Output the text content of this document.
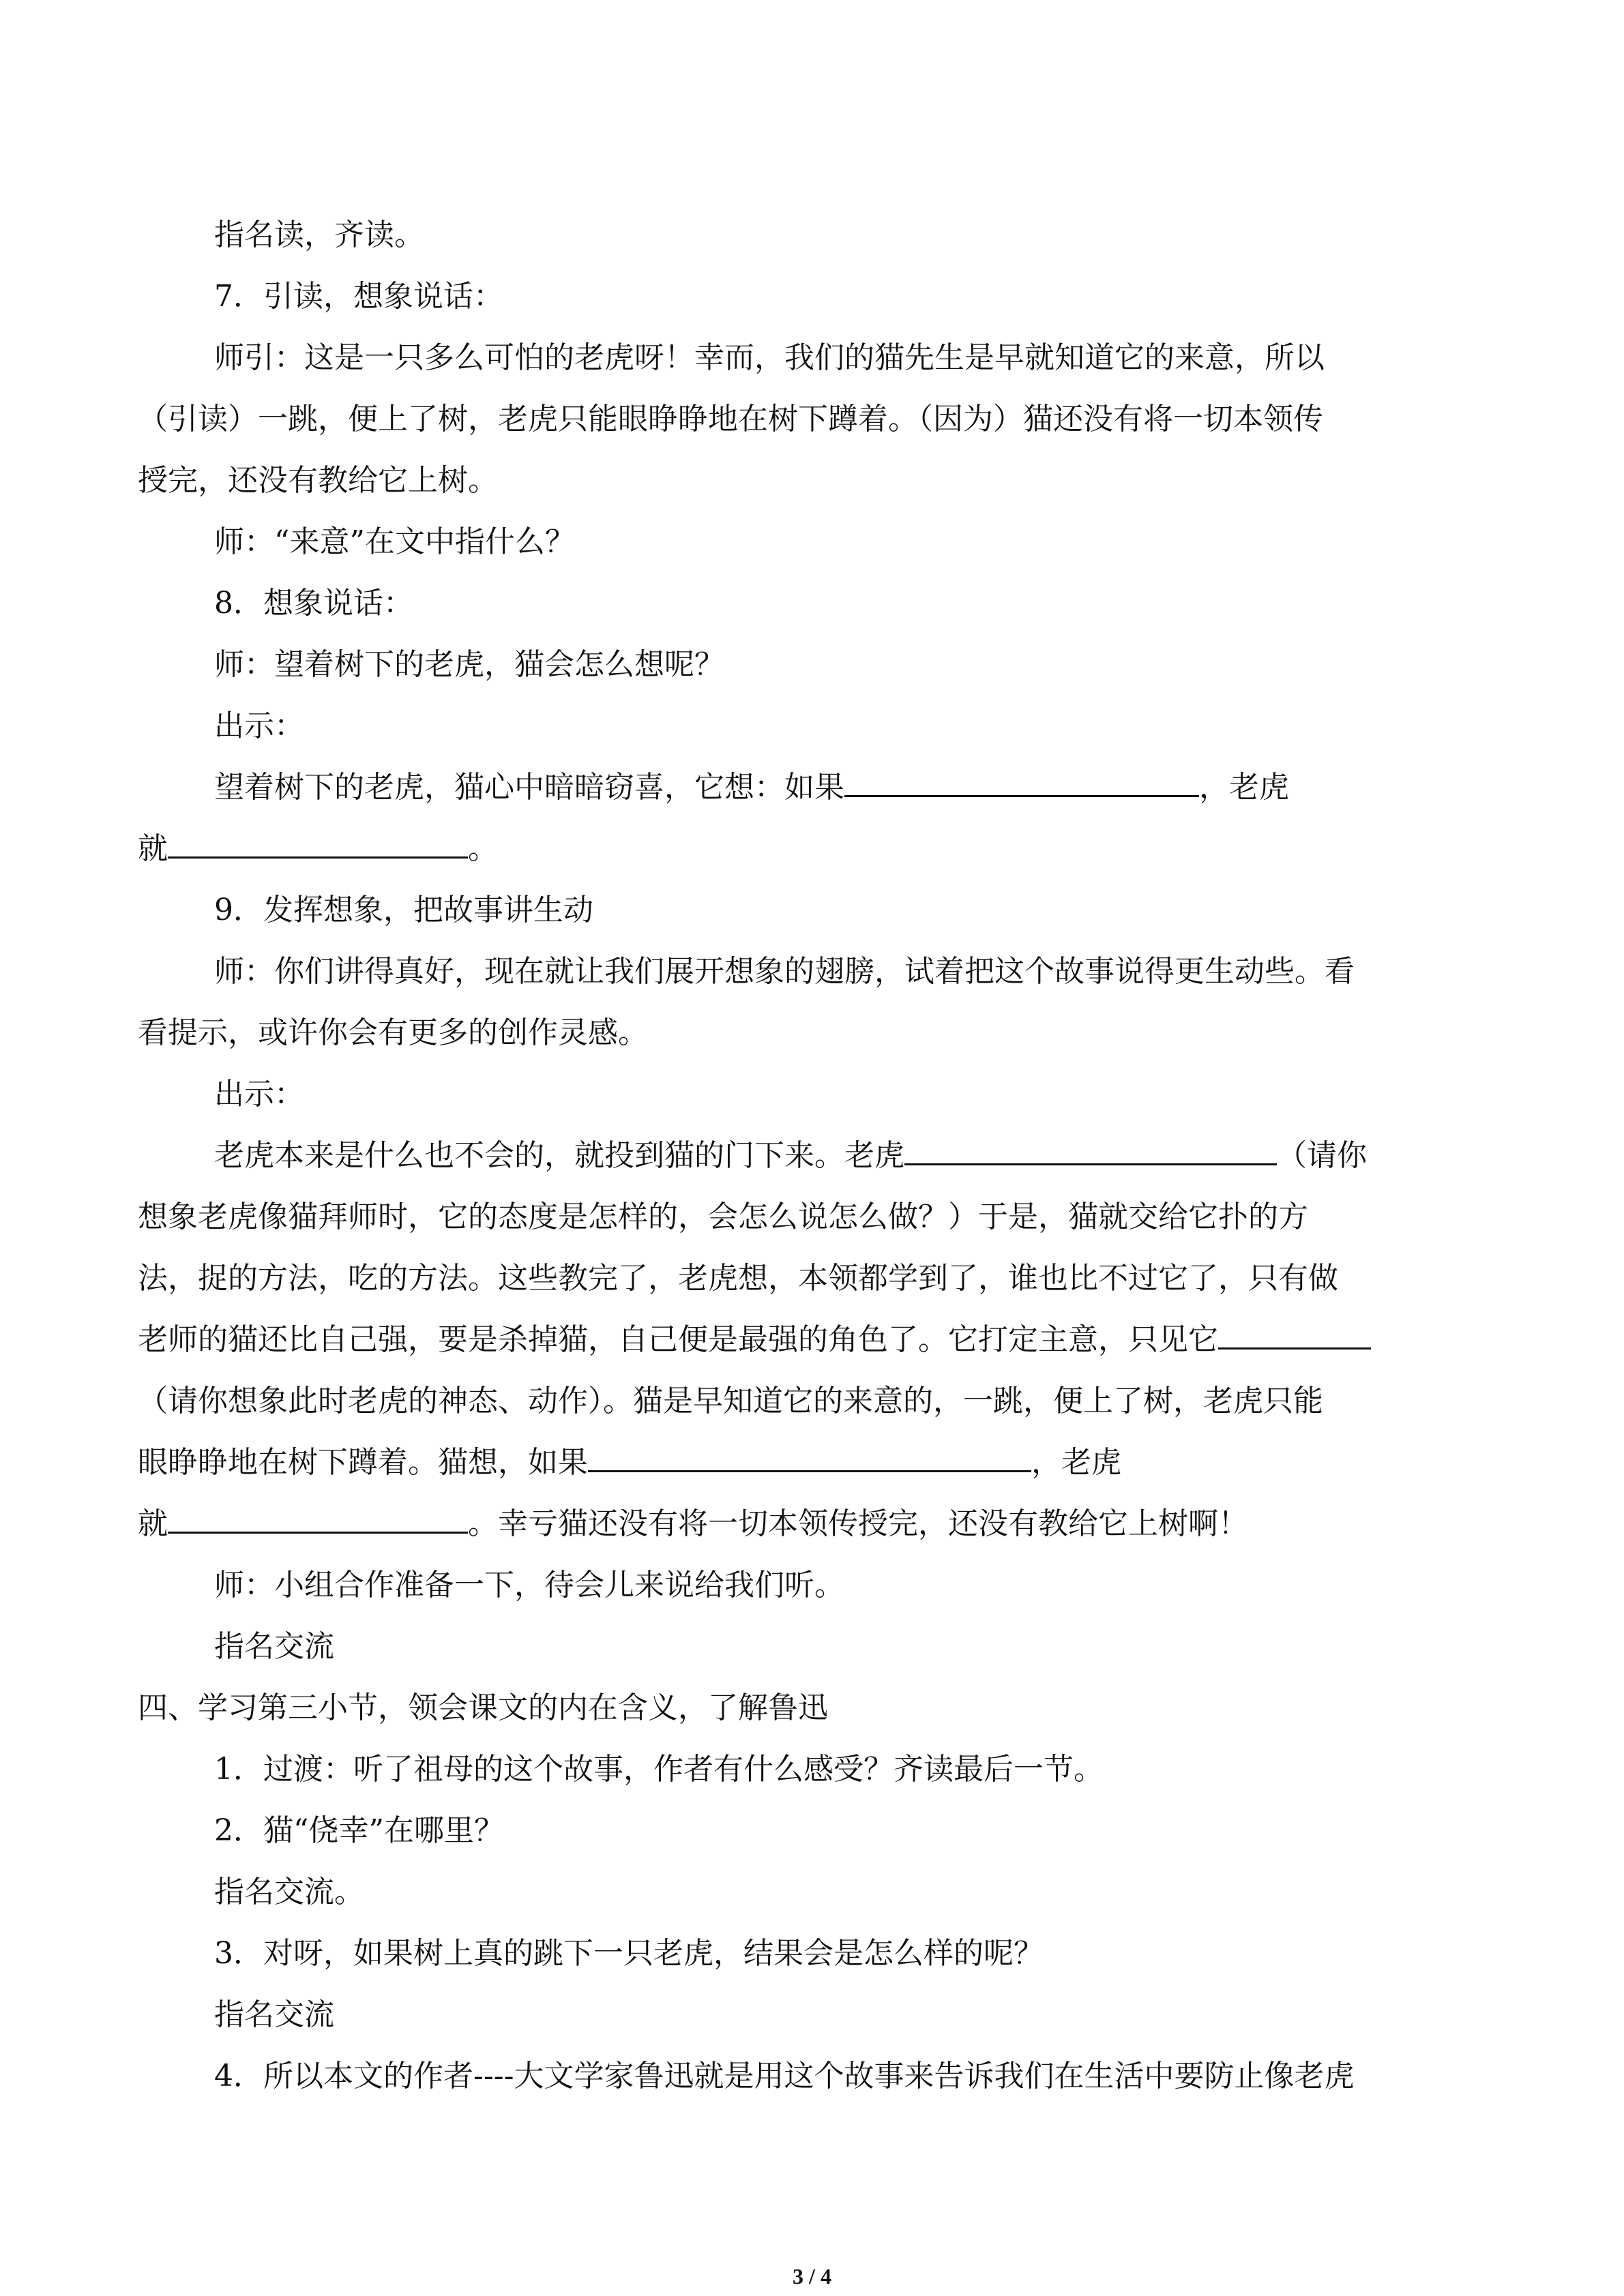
指名读，齐读。

7．引读，想象说话：

师引：这是一只多么可怕的老虎呀！幸而，我们的猫先生是早就知道它的来意，所以

（引读）一跳，便上了树，老虎只能眼睁睁地在树下蹲着。（因为）猫还没有将一切本领传

授完，还没有教给它上树。

师：“来意”在文中指什么？

8．想象说话：

师：望着树下的老虎，猫会怎么想呢？

出示：

望着树下的老虎，猫心中暗暗窃喜，它想：如果	，老虎

就	。

9．发挥想象，把故事讲生动

师：你们讲得真好，现在就让我们展开想象的翅膀，试着把这个故事说得更生动些。看

看提示，或许你会有更多的创作灵感。

出示：

老虎本来是什么也不会的，就投到猫的门下来。老虎	（请你

想象老虎像猫拜师时，它的态度是怎样的，会怎么说怎么做？）于是，猫就交给它扑的方

法，捉的方法，吃的方法。这些教完了，老虎想，本领都学到了，谁也比不过它了，只有做

老师的猫还比自己强，要是杀掉猫，自己便是最强的角色了。它打定主意，只见它

（请你想象此时老虎的神态、动作）。猫是早知道它的来意的，一跳，便上了树，老虎只能

眼睁睁地在树下蹲着。猫想，如果	，老虎

就	。幸亏猫还没有将一切本领传授完，还没有教给它上树啊！

师：小组合作准备一下，待会儿来说给我们听。

指名交流

四、学习第三小节，领会课文的内在含义，了解鲁迅

1．过渡：听了祖母的这个故事，作者有什么感受？齐读最后一节。

2．猫“侥幸”在哪里？

指名交流。

3．对呀，如果树上真的跳下一只老虎，结果会是怎么样的呢？

指名交流

4．所以本文的作者----大文学家鲁迅就是用这个故事来告诉我们在生活中要防止像老虎

3 / 4
